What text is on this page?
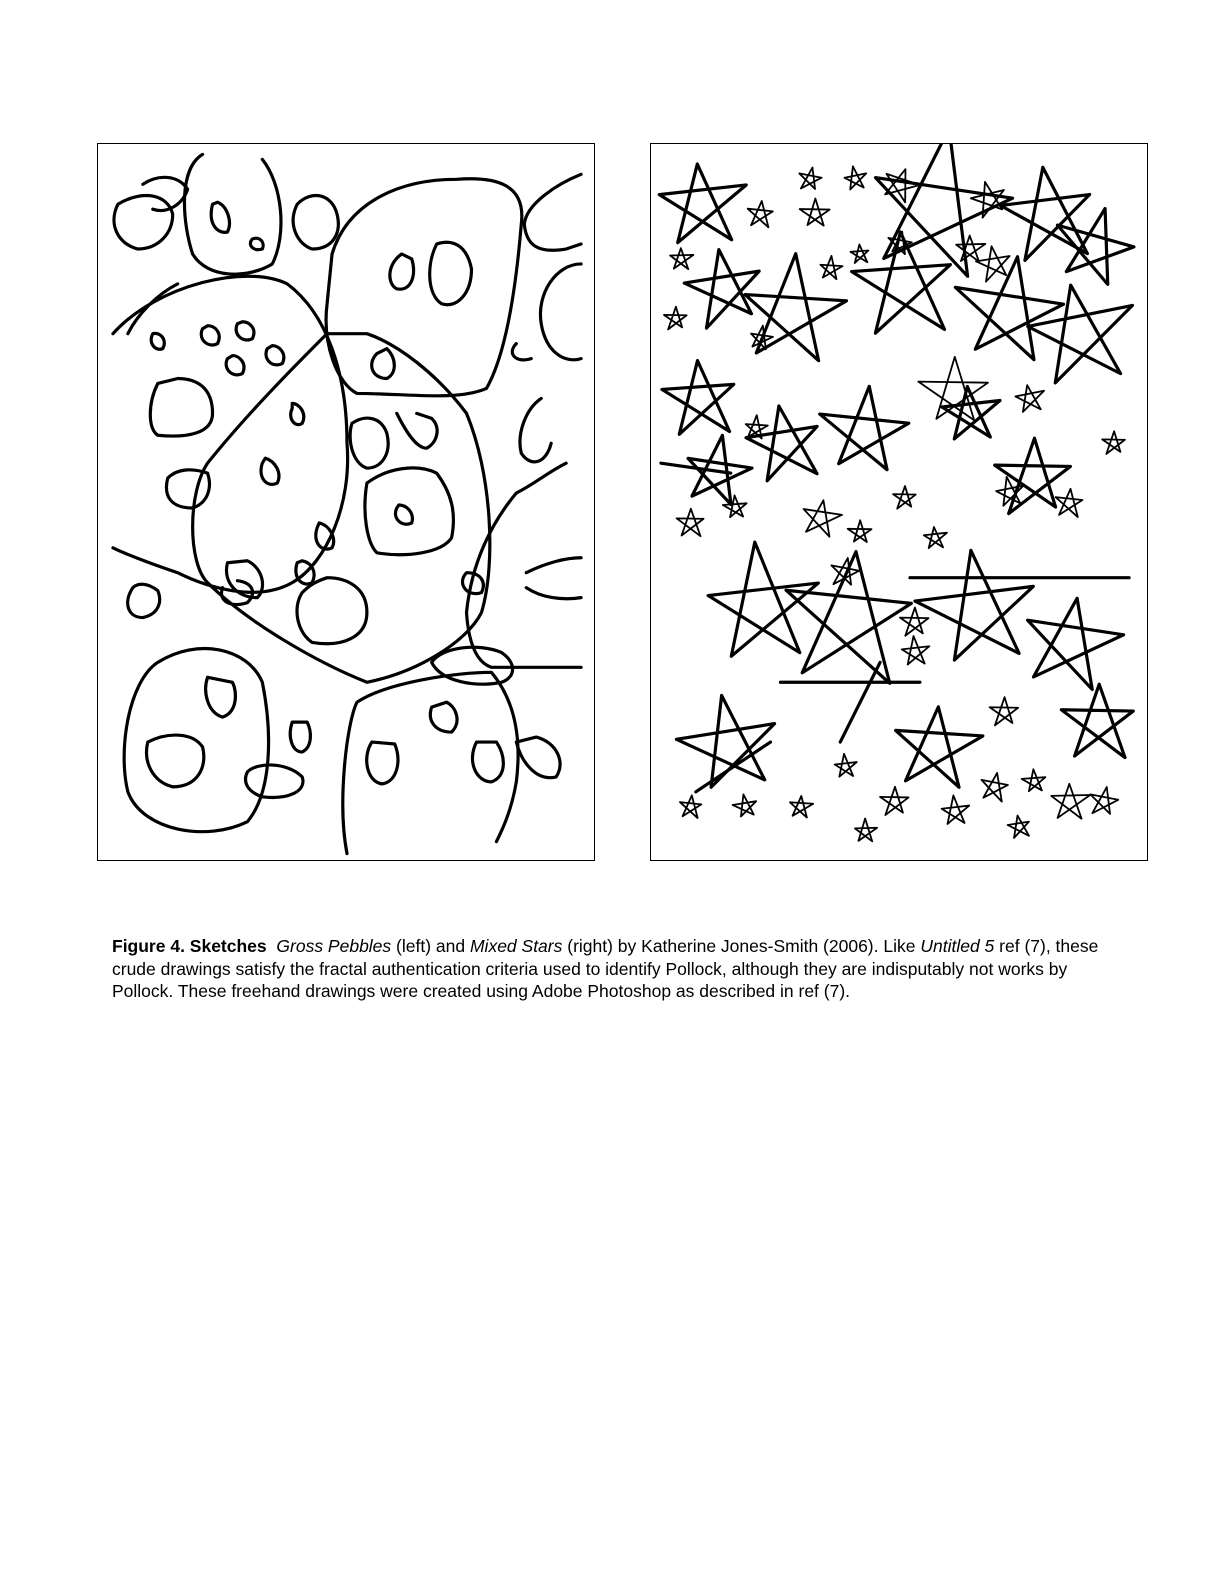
Figure 4. Sketches Gross Pebbles (left) and Mixed Stars (right) by Katherine Jones-Smith (2006). Like Untitled 5 ref (7), these crude drawings satisfy the fractal authentication criteria used to identify Pollock, although they are indisputably not works by Pollock. These freehand drawings were created using Adobe Photoshop as described in ref (7).
